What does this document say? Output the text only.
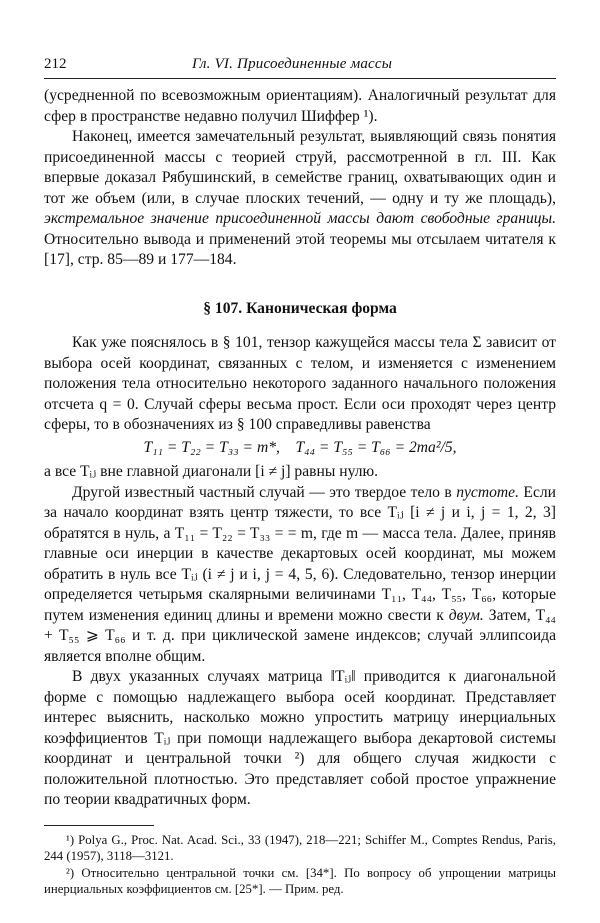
212	Гл. VI. Присоединенные массы

(усредненной по всевозможным ориентациям). Аналогичный результат для сфер в пространстве недавно получил Шиффер ¹).

Наконец, имеется замечательный результат, выявляющий связь понятия присоединенной массы с теорией струй, рассмотренной в гл. III. Как впервые доказал Рябушинский, в семействе границ, охватывающих один и тот же объем (или, в случае плоских течений, — одну и ту же площадь), экстремальное значение присоединенной массы дают свободные границы. Относительно вывода и применений этой теоремы мы отсылаем читателя к [17], стр. 85—89 и 177—184.

§ 107. Каноническая форма

Как уже пояснялось в § 101, тензор кажущейся массы тела Σ зависит от выбора осей координат, связанных с телом, и изменяется с изменением положения тела относительно некоторого заданного начального положения отсчета q = 0. Случай сферы весьма прост. Если оси проходят через центр сферы, то в обозначениях из § 100 справедливы равенства

T₁₁ = T₂₂ = T₃₃ = m*, T₄₄ = T₅₅ = T₆₆ = 2ma²/5,

а все Tᵢⱼ вне главной диагонали [i ≠ j] равны нулю.

Другой известный частный случай — это твердое тело в пустоте. Если за начало координат взять центр тяжести, то все Tᵢⱼ [i ≠ j и i, j = 1, 2, 3] обратятся в нуль, а T₁₁ = T₂₂ = T₃₃ = = m, где m — масса тела. Далее, приняв главные оси инерции в качестве декартовых осей координат, мы можем обратить в нуль все Tᵢⱼ (i ≠ j и i, j = 4, 5, 6). Следовательно, тензор инерции определяется четырьмя скалярными величинами T₁₁, T₄₄, T₅₅, T₆₆, которые путем изменения единиц длины и времени можно свести к двум. Затем, T₄₄ + T₅₅ ⩾ T₆₆ и т. д. при циклической замене индексов; случай эллипсоида является вполне общим.

В двух указанных случаях матрица ‖Tᵢⱼ‖ приводится к диагональной форме с помощью надлежащего выбора осей координат. Представляет интерес выяснить, насколько можно упростить матрицу инерциальных коэффициентов Tᵢⱼ при помощи надлежащего выбора декартовой системы координат и центральной точки ²) для общего случая жидкости с положительной плотностью. Это представляет собой простое упражнение по теории квадратичных форм.

¹) Polya G., Proc. Nat. Acad. Sci., 33 (1947), 218—221; Schiffer M., Comptes Rendus, Paris, 244 (1957), 3118—3121.

²) Относительно центральной точки см. [34*]. По вопросу об упрощении матрицы инерциальных коэффициентов см. [25*]. — Прим. ред.
